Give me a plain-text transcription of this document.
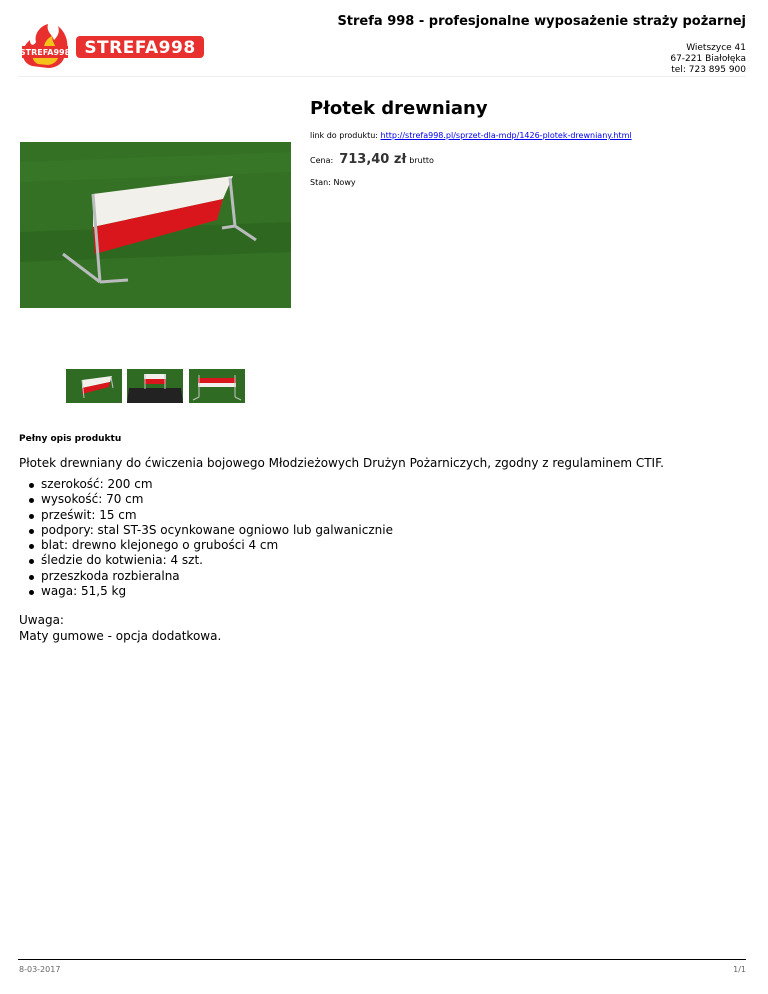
Strefa 998 - profesjonalne wyposażenie straży pożarnej
STREFA998 STREFA998	Wietszyce 41
67-221 Białołęka
tel: 723 895 900
Płotek drewniany
link do produktu: http://strefa998.pl/sprzet-dla-mdp/1426-plotek-drewniany.html
Cena: 713,40 zł brutto
Stan: Nowy
Pełny opis produktu
Płotek drewniany do ćwiczenia bojowego Młodzieżowych Drużyn Pożarniczych, zgodny z regulaminem CTIF.
szerokość: 200 cm
wysokość: 70 cm
prześwit: 15 cm
podpory: stal ST-3S ocynkowane ogniowo lub galwanicznie
blat: drewno klejonego o grubości 4 cm
śledzie do kotwienia: 4 szt.
przeszkoda rozbieralna
waga: 51,5 kg
Uwaga:
Maty gumowe - opcja dodatkowa.
8-03-2017	1/1
